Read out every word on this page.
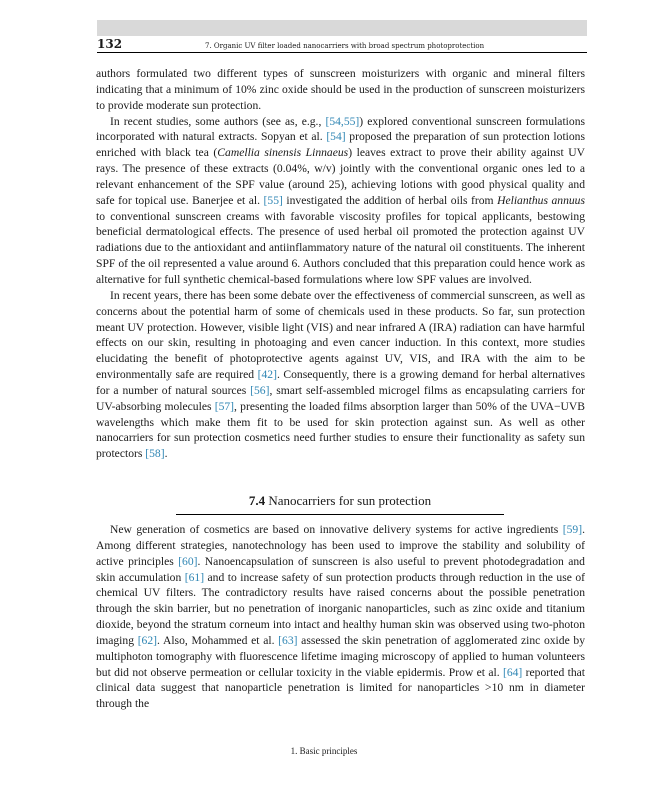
132	7. Organic UV filter loaded nanocarriers with broad spectrum photoprotection

authors formulated two different types of sunscreen moisturizers with organic and mineral filters indicating that a minimum of 10% zinc oxide should be used in the production of sunscreen moisturizers to provide moderate sun protection.

In recent studies, some authors (see as, e.g., [54,55]) explored conventional sunscreen formulations incorporated with natural extracts. Sopyan et al. [54] proposed the preparation of sun protection lotions enriched with black tea (Camellia sinensis Linnaeus) leaves extract to prove their ability against UV rays. The presence of these extracts (0.04%, w/v) jointly with the conventional organic ones led to a relevant enhancement of the SPF value (around 25), achieving lotions with good physical quality and safe for topical use. Banerjee et al. [55] investigated the addition of herbal oils from Helianthus annuus to conventional sunscreen creams with favorable viscosity profiles for topical applicants, bestowing beneficial dermatological effects. The presence of used herbal oil promoted the protection against UV radiations due to the antioxidant and antiinflammatory nature of the natural oil constituents. The inherent SPF of the oil represented a value around 6. Authors concluded that this preparation could hence work as alternative for full synthetic chemical-based formulations where low SPF values are involved.

In recent years, there has been some debate over the effectiveness of commercial sunscreen, as well as concerns about the potential harm of some of chemicals used in these products. So far, sun protection meant UV protection. However, visible light (VIS) and near infrared A (IRA) radiation can have harmful effects on our skin, resulting in photoaging and even cancer induction. In this context, more studies elucidating the benefit of photoprotective agents against UV, VIS, and IRA with the aim to be environmentally safe are required [42]. Consequently, there is a growing demand for herbal alternatives for a number of natural sources [56], smart self-assembled microgel films as encapsulating carriers for UV-absorbing molecules [57], presenting the loaded films absorption larger than 50% of the UVA−UVB wavelengths which make them fit to be used for skin protection against sun. As well as other nanocarriers for sun protection cosmetics need further studies to ensure their functionality as safety sun protectors [58].

7.4 Nanocarriers for sun protection

New generation of cosmetics are based on innovative delivery systems for active ingredients [59]. Among different strategies, nanotechnology has been used to improve the stability and solubility of active principles [60]. Nanoencapsulation of sunscreen is also useful to prevent photodegradation and skin accumulation [61] and to increase safety of sun protection products through reduction in the use of chemical UV filters. The contradictory results have raised concerns about the possible penetration through the skin barrier, but no penetration of inorganic nanoparticles, such as zinc oxide and titanium dioxide, beyond the stratum corneum into intact and healthy human skin was observed using two-photon imaging [62]. Also, Mohammed et al. [63] assessed the skin penetration of agglomerated zinc oxide by multiphoton tomography with fluorescence lifetime imaging microscopy of applied to human volunteers but did not observe permeation or cellular toxicity in the viable epidermis. Prow et al. [64] reported that clinical data suggest that nanoparticle penetration is limited for nanoparticles >10 nm in diameter through the

1. Basic principles
